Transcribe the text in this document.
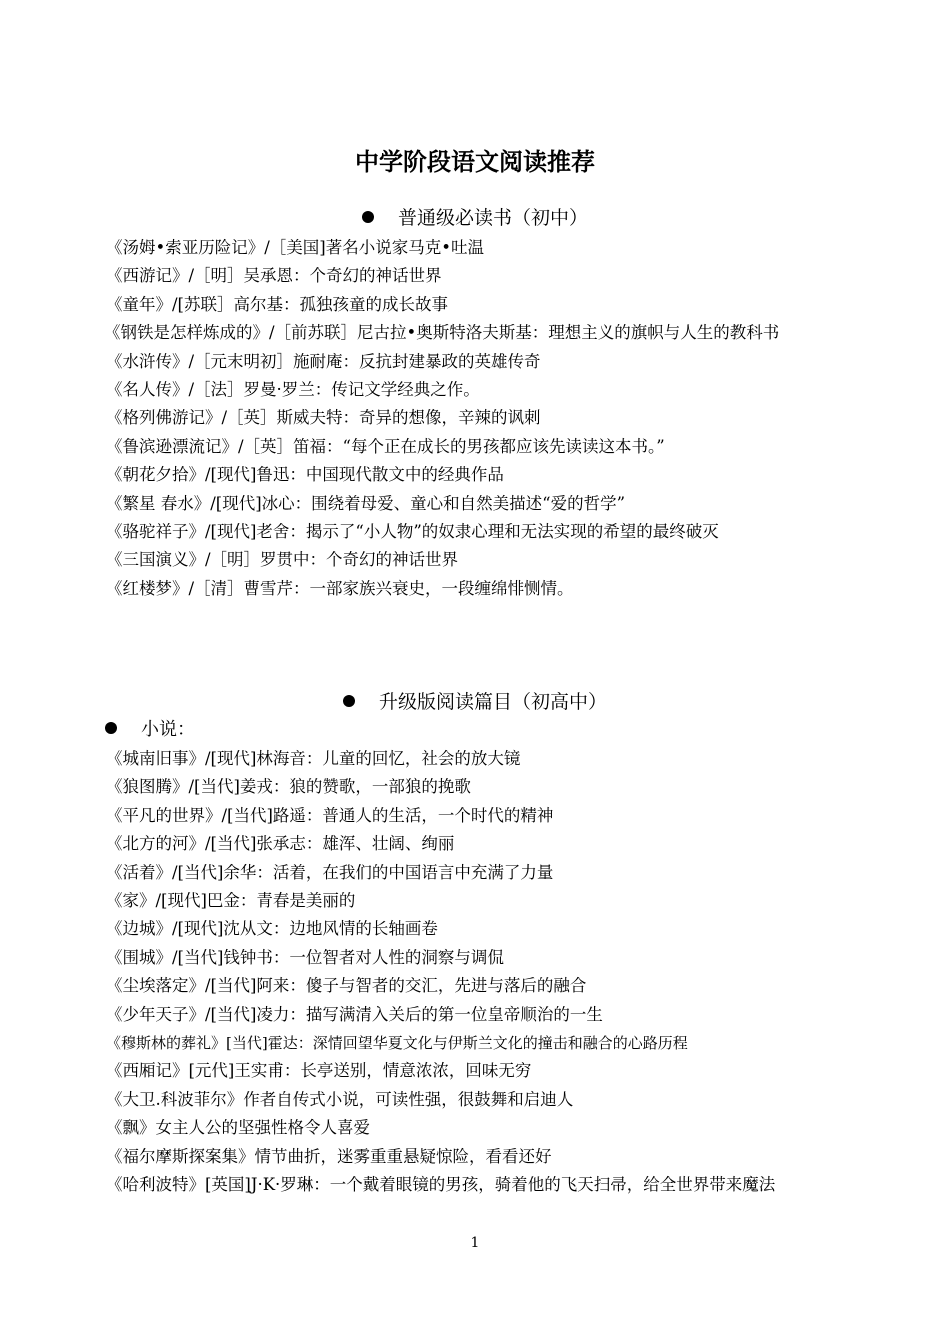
中学阶段语文阅读推荐
普通级必读书（初中）
《汤姆•索亚历险记》/［美国]著名小说家马克•吐温
《西游记》/［明］吴承恩：个奇幻的神话世界
《童年》/[苏联］高尔基：孤独孩童的成长故事
《钢铁是怎样炼成的》/［前苏联］尼古拉•奥斯特洛夫斯基：理想主义的旗帜与人生的教科书
《水浒传》/［元末明初］施耐庵：反抗封建暴政的英雄传奇
《名人传》/［法］罗曼·罗兰：传记文学经典之作。
《格列佛游记》/［英］斯威夫特：奇异的想像，辛辣的讽刺
《鲁滨逊漂流记》/［英］笛福：“每个正在成长的男孩都应该先读读这本书。”
《朝花夕拾》/[现代]鲁迅：中国现代散文中的经典作品
《繁星 春水》/[现代]冰心：围绕着母爱、童心和自然美描述“爱的哲学”
《骆驼祥子》/[现代]老舍：揭示了“小人物”的奴隶心理和无法实现的希望的最终破灭
《三国演义》/［明］罗贯中：个奇幻的神话世界
《红楼梦》/［清］曹雪芹：一部家族兴衰史，一段缠绵悱恻情。
升级版阅读篇目（初高中）
小说：
《城南旧事》/[现代]林海音：儿童的回忆，社会的放大镜
《狼图腾》/[当代]姜戎：狼的赞歌，一部狼的挽歌
《平凡的世界》/[当代]路遥：普通人的生活，一个时代的精神
《北方的河》/[当代]张承志：雄浑、壮阔、绚丽
《活着》/[当代]余华：活着，在我们的中国语言中充满了力量
《家》/[现代]巴金：青春是美丽的
《边城》/[现代]沈从文：边地风情的长轴画卷
《围城》/[当代]钱钟书：一位智者对人性的洞察与调侃
《尘埃落定》/[当代]阿来：傻子与智者的交汇，先进与落后的融合
《少年天子》/[当代]凌力：描写满清入关后的第一位皇帝顺治的一生
《穆斯林的葬礼》[当代]霍达：深情回望华夏文化与伊斯兰文化的撞击和融合的心路历程
《西厢记》[元代]王实甫：长亭送别，情意浓浓，回味无穷
《大卫.科波菲尔》作者自传式小说，可读性强，很鼓舞和启迪人
《飘》女主人公的坚强性格令人喜爱
《福尔摩斯探案集》情节曲折，迷雾重重悬疑惊险，看看还好
《哈利波特》[英国]J·K·罗琳：一个戴着眼镜的男孩，骑着他的飞天扫帚，给全世界带来魔法
1
